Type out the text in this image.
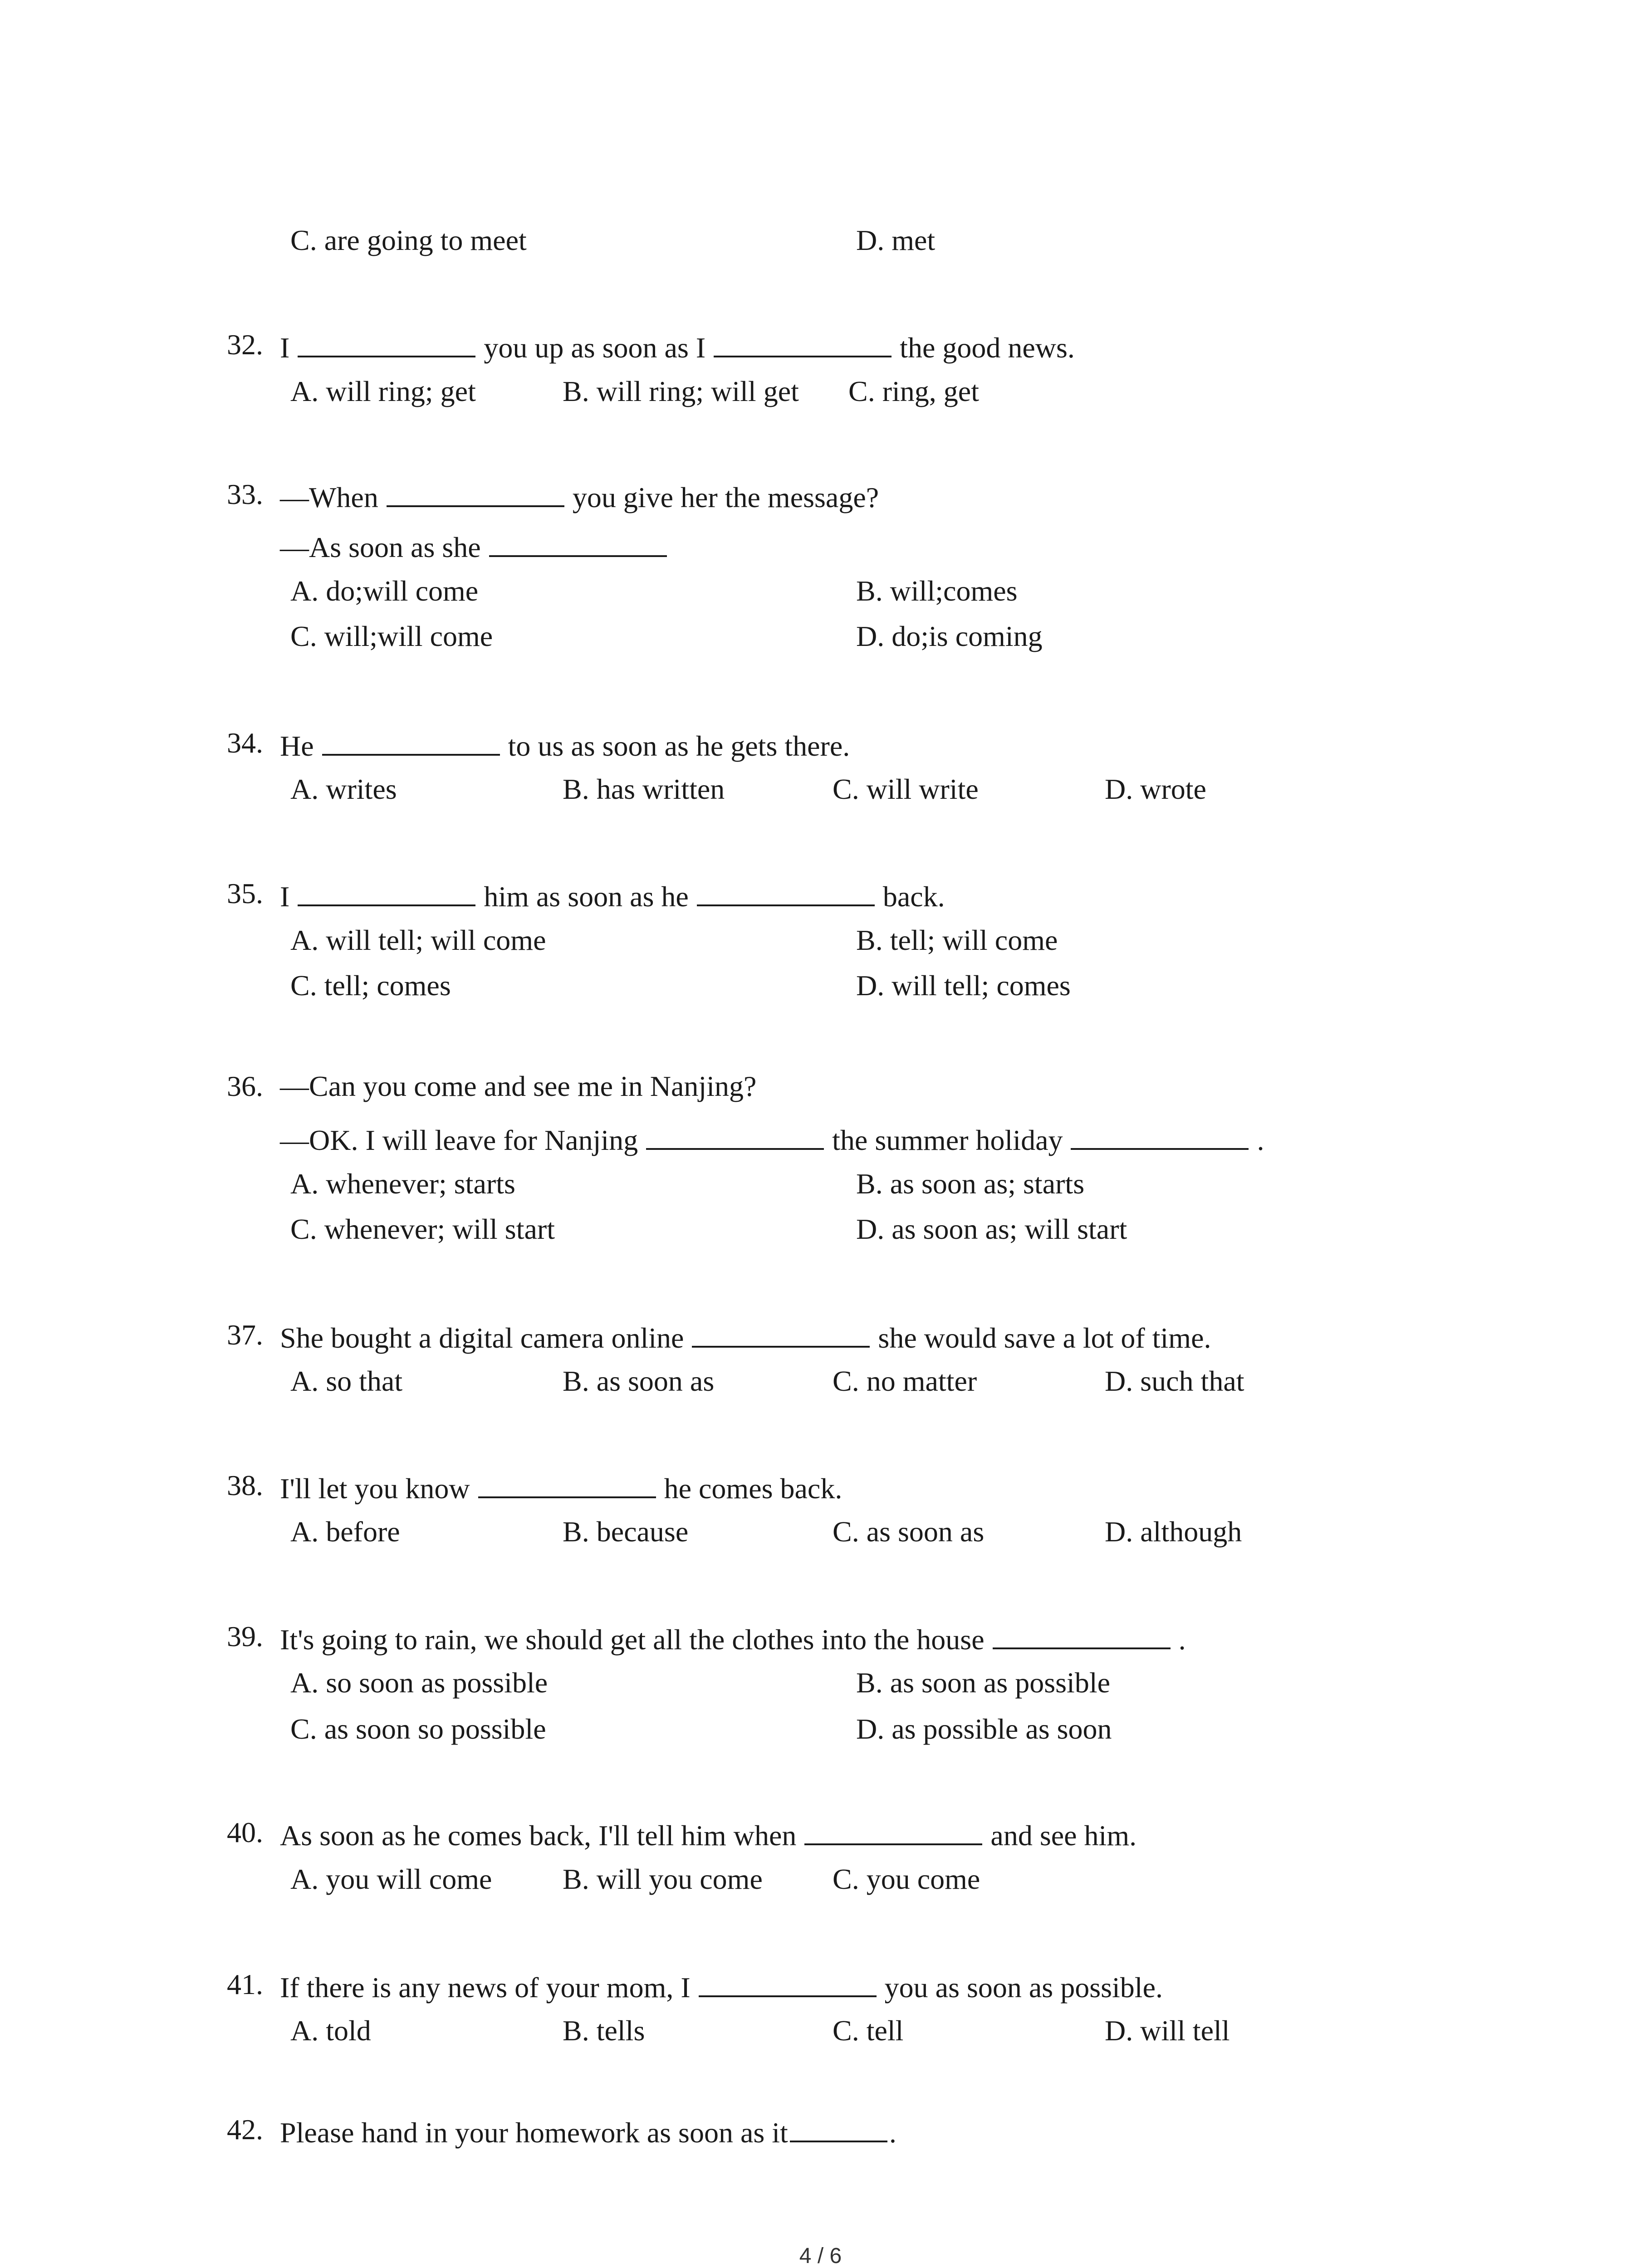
C. are going to meet	D. met
32. I	you up as soon as I	the good news.
A. will ring; get	B. will ring; will get C. ring, get
33. —When	you give her the message?
—As soon as she
A. do;will come	B. will;comes
C. will;will come	D. do;is coming
34. He	to us as soon as he gets there.
A. writes	B. has written	C. will write	D. wrote
35. I	him as soon as he	back.
A. will tell; will come	B. tell; will come
C. tell; comes	D. will tell; comes
36. —Can you come and see me in Nanjing?
—OK. I will leave for Nanjing	the summer holiday	.
A. whenever; starts	B. as soon as; starts
C. whenever; will start	D. as soon as; will start
37. She bought a digital camera online	she would save a lot of time.
A. so that	B. as soon as	C. no matter	D. such that
38. I'll let you know	he comes back.
A. before	B. because	C. as soon as	D. although
39. It's going to rain, we should get all the clothes into the house	.
A. so soon as possible	B. as soon as possible
C. as soon so possible	D. as possible as soon
40. As soon as he comes back, I'll tell him when	and see him.
A. you will come B. will you come C. you come
41. If there is any news of your mom, I	you as soon as possible.
A. told	B. tells	C. tell	D. will tell
42. Please hand in your homework as soon as it	.
4 / 6
